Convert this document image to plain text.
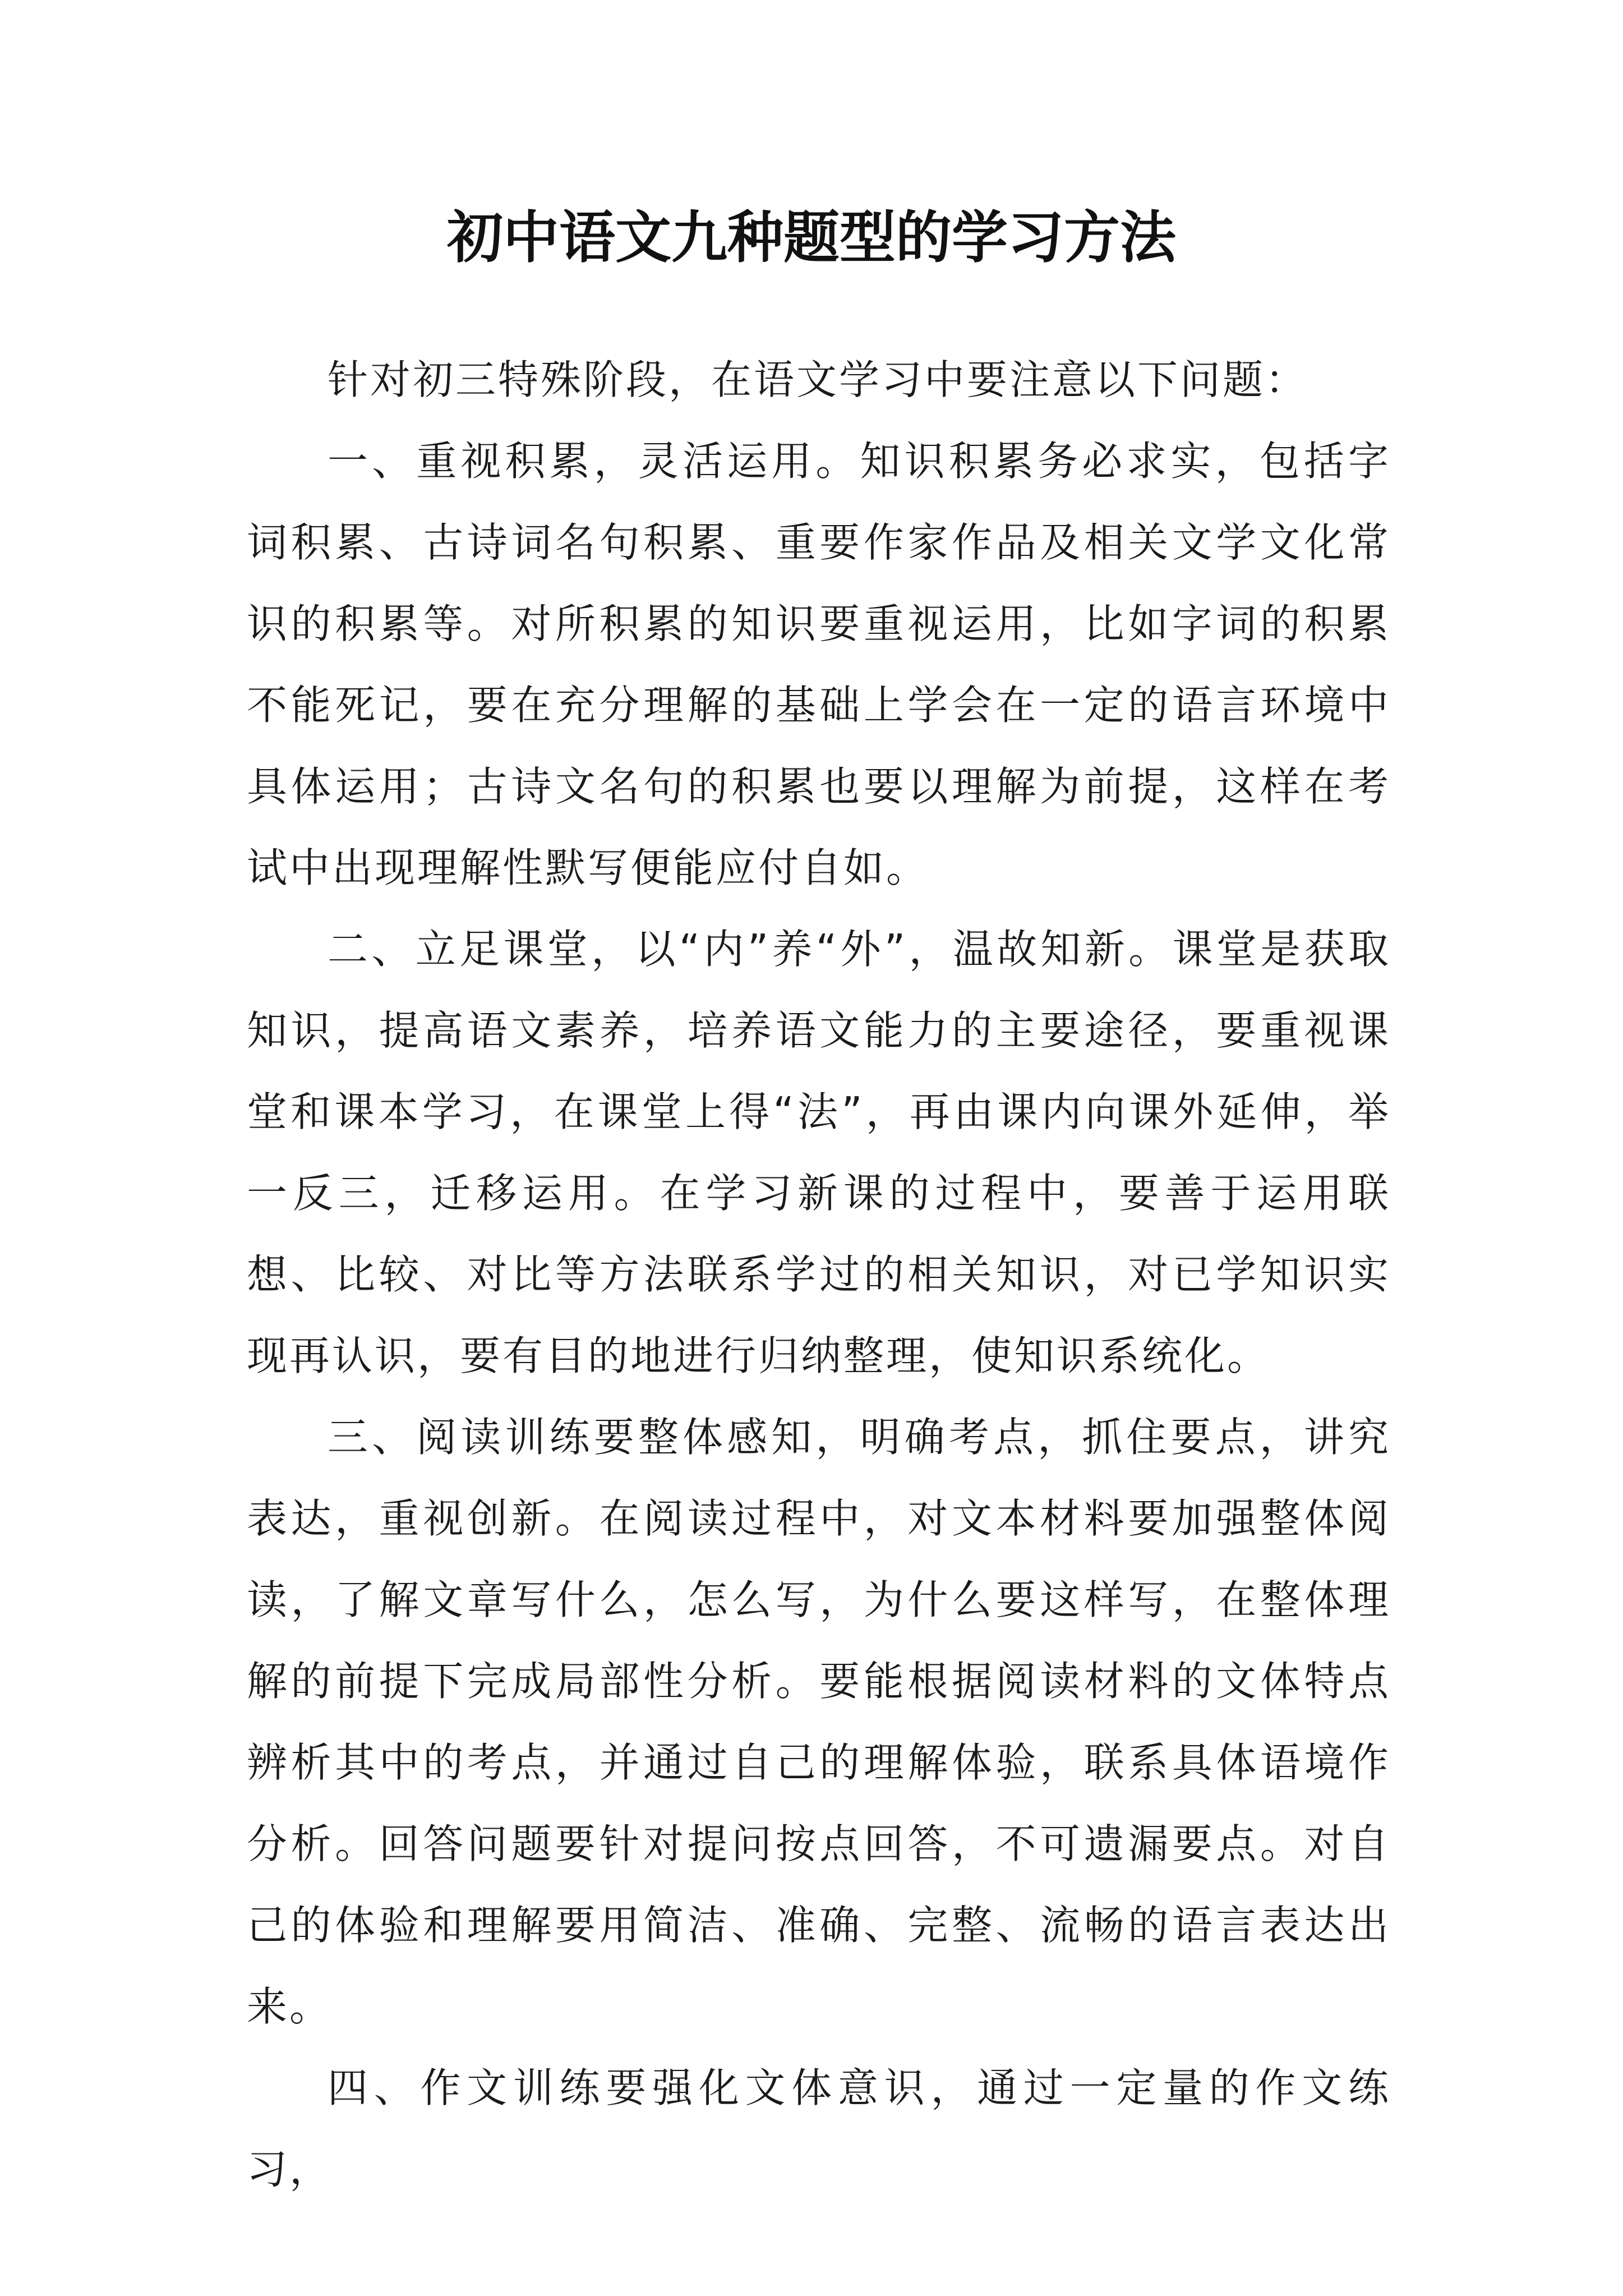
初中语文九种题型的学习方法

针对初三特殊阶段，在语文学习中要注意以下问题：

一、重视积累，灵活运用。知识积累务必求实，包括字词积累、古诗词名句积累、重要作家作品及相关文学文化常识的积累等。对所积累的知识要重视运用，比如字词的积累不能死记，要在充分理解的基础上学会在一定的语言环境中具体运用；古诗文名句的积累也要以理解为前提，这样在考试中出现理解性默写便能应付自如。

二、立足课堂，以“内”养“外”，温故知新。课堂是获取知识，提高语文素养，培养语文能力的主要途径，要重视课堂和课本学习，在课堂上得“法”，再由课内向课外延伸，举一反三，迁移运用。在学习新课的过程中，要善于运用联想、比较、对比等方法联系学过的相关知识，对已学知识实现再认识，要有目的地进行归纳整理，使知识系统化。

三、阅读训练要整体感知，明确考点，抓住要点，讲究表达，重视创新。在阅读过程中，对文本材料要加强整体阅读，了解文章写什么，怎么写，为什么要这样写，在整体理解的前提下完成局部性分析。要能根据阅读材料的文体特点辨析其中的考点，并通过自己的理解体验，联系具体语境作分析。回答问题要针对提问按点回答，不可遗漏要点。对自己的体验和理解要用简洁、准确、完整、流畅的语言表达出来。

四、作文训练要强化文体意识，通过一定量的作文练习，
